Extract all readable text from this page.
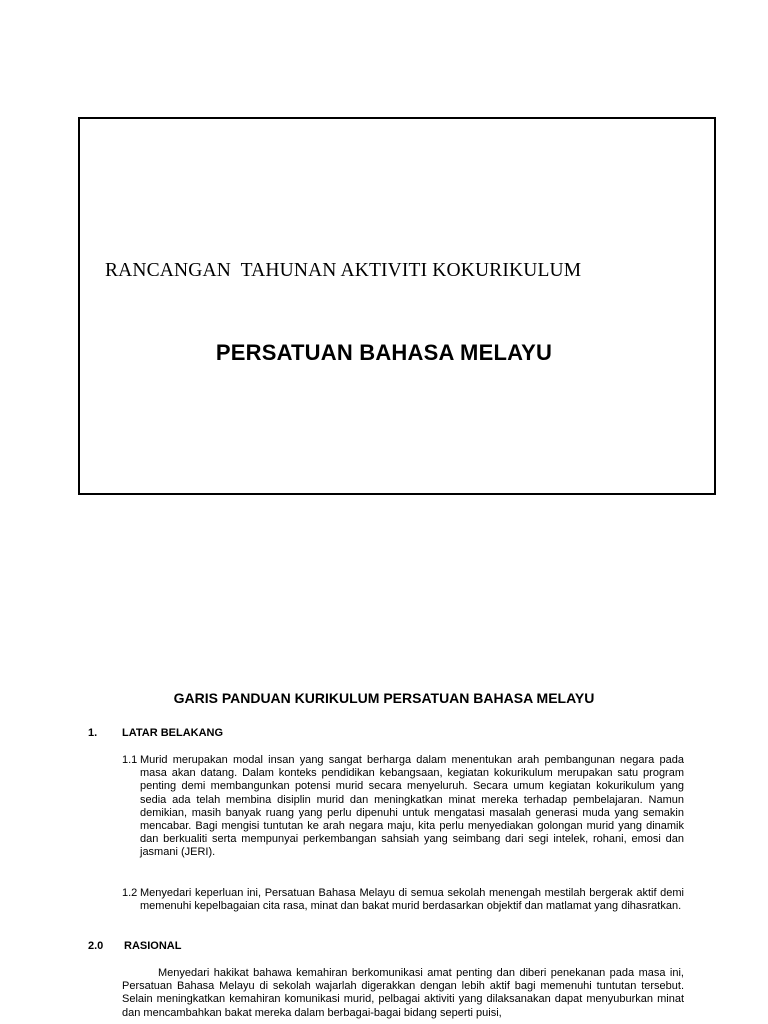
RANCANGAN  TAHUNAN AKTIVITI KOKURIKULUM
PERSATUAN BAHASA MELAYU
GARIS PANDUAN KURIKULUM PERSATUAN BAHASA MELAYU
1. LATAR BELAKANG
1.1 Murid merupakan modal insan yang sangat berharga dalam menentukan arah pembangunan negara pada masa akan datang. Dalam konteks pendidikan kebangsaan, kegiatan kokurikulum merupakan satu program penting demi membangunkan potensi murid secara menyeluruh. Secara umum kegiatan kokurikulum yang sedia ada telah membina disiplin murid dan meningkatkan minat mereka terhadap pembelajaran. Namun demikian, masih banyak ruang yang perlu dipenuhi untuk mengatasi masalah generasi muda yang semakin mencabar. Bagi mengisi tuntutan ke arah negara maju, kita perlu menyediakan golongan murid yang dinamik dan berkualiti serta mempunyai perkembangan sahsiah yang seimbang dari segi intelek, rohani, emosi dan jasmani (JERI).
1.2 Menyedari keperluan ini, Persatuan Bahasa Melayu di semua sekolah menengah mestilah bergerak aktif demi memenuhi kepelbagaian cita rasa, minat dan bakat murid berdasarkan objektif dan matlamat yang dihasratkan.
2.0 RASIONAL
Menyedari hakikat bahawa kemahiran berkomunikasi amat penting dan diberi penekanan pada masa ini, Persatuan Bahasa Melayu di sekolah wajarlah digerakkan dengan lebih aktif bagi memenuhi tuntutan tersebut. Selain meningkatkan kemahiran komunikasi murid, pelbagai aktiviti yang dilaksanakan dapat menyuburkan minat dan mencambahkan bakat mereka dalam berbagai-bagai bidang seperti puisi,
